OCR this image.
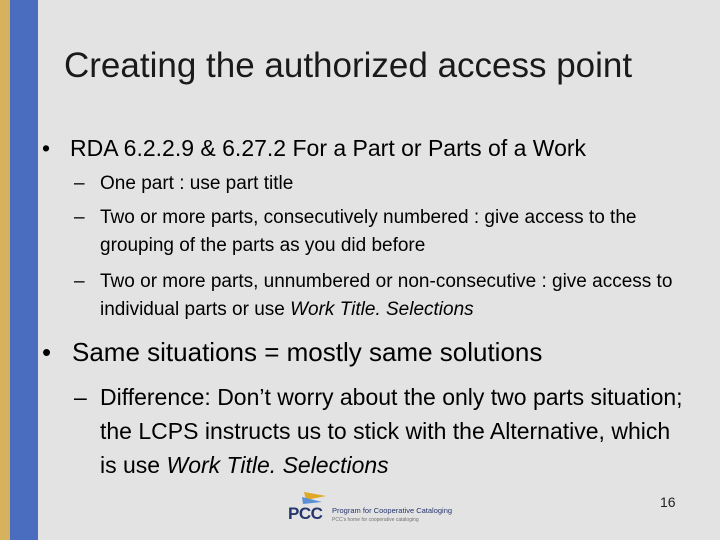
Creating the authorized access point
• RDA 6.2.2.9 & 6.27.2 For a Part or Parts of a Work
– One part : use part title
– Two or more parts, consecutively numbered : give access to the grouping of the parts as you did before
– Two or more parts, unnumbered or non-consecutive : give access to individual parts or use Work Title. Selections
• Same situations = mostly same solutions
– Difference: Don’t worry about the only two parts situation; the LCPS instructs us to stick with the Alternative, which is use Work Title. Selections
PCC Program for Cooperative Cataloging
PCC’s home for cooperative cataloging
16
